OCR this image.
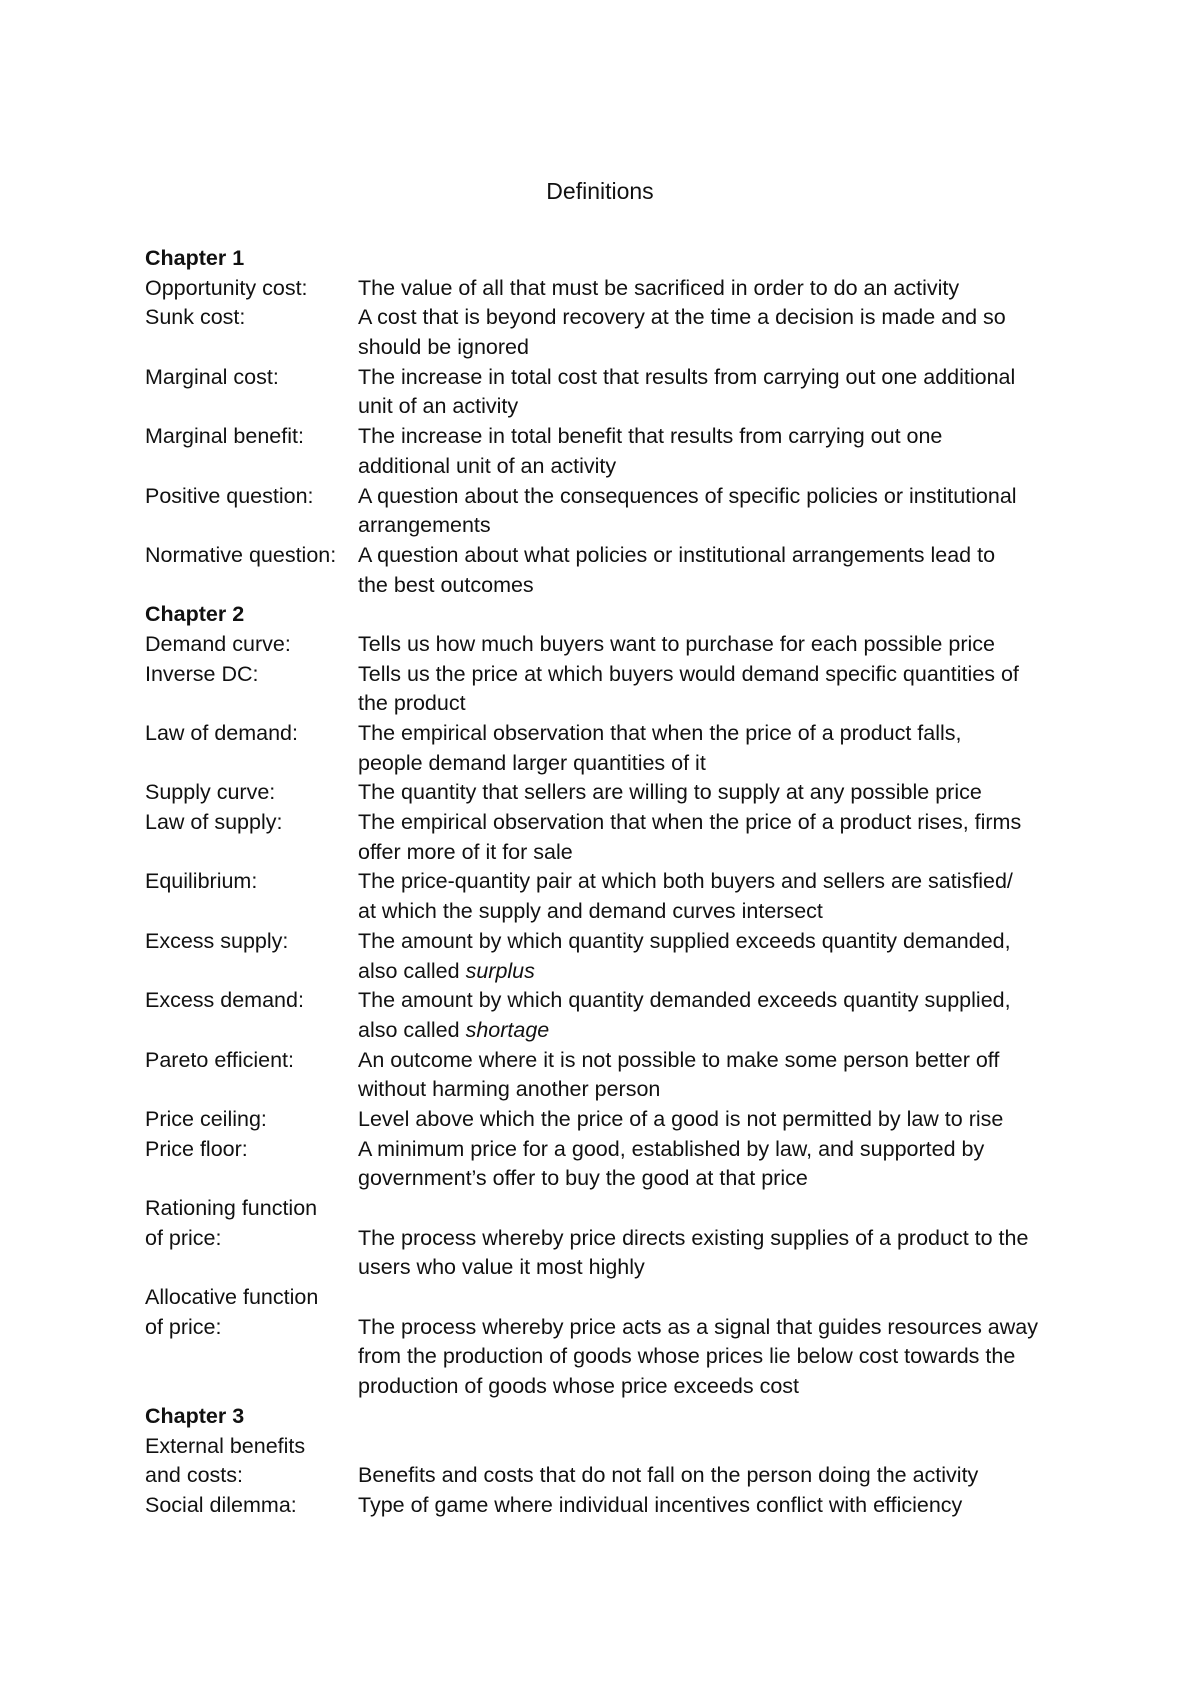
Definitions
Chapter 1
Opportunity cost:	The value of all that must be sacrificed in order to do an activity
Sunk cost:	A cost that is beyond recovery at the time a decision is made and so
should be ignored
Marginal cost:	The increase in total cost that results from carrying out one additional
unit of an activity
Marginal benefit:	The increase in total benefit that results from carrying out one
additional unit of an activity
Positive question:	A question about the consequences of specific policies or institutional
arrangements
Normative question:	A question about what policies or institutional arrangements lead to
the best outcomes
Chapter 2
Demand curve:	Tells us how much buyers want to purchase for each possible price
Inverse DC:	Tells us the price at which buyers would demand specific quantities of
the product
Law of demand:	The empirical observation that when the price of a product falls,
people demand larger quantities of it
Supply curve:	The quantity that sellers are willing to supply at any possible price
Law of supply:	The empirical observation that when the price of a product rises, firms
offer more of it for sale
Equilibrium:	The price-quantity pair at which both buyers and sellers are satisfied/
at which the supply and demand curves intersect
Excess supply:	The amount by which quantity supplied exceeds quantity demanded,
also called surplus
Excess demand:	The amount by which quantity demanded exceeds quantity supplied,
also called shortage
Pareto efficient:	An outcome where it is not possible to make some person better off
without harming another person
Price ceiling:	Level above which the price of a good is not permitted by law to rise
Price floor:	A minimum price for a good, established by law, and supported by
government’s offer to buy the good at that price
Rationing function
of price:	The process whereby price directs existing supplies of a product to the
users who value it most highly
Allocative function
of price:	The process whereby price acts as a signal that guides resources away
from the production of goods whose prices lie below cost towards the
production of goods whose price exceeds cost
Chapter 3
External benefits
and costs:	Benefits and costs that do not fall on the person doing the activity
Social dilemma:	Type of game where individual incentives conflict with efficiency
